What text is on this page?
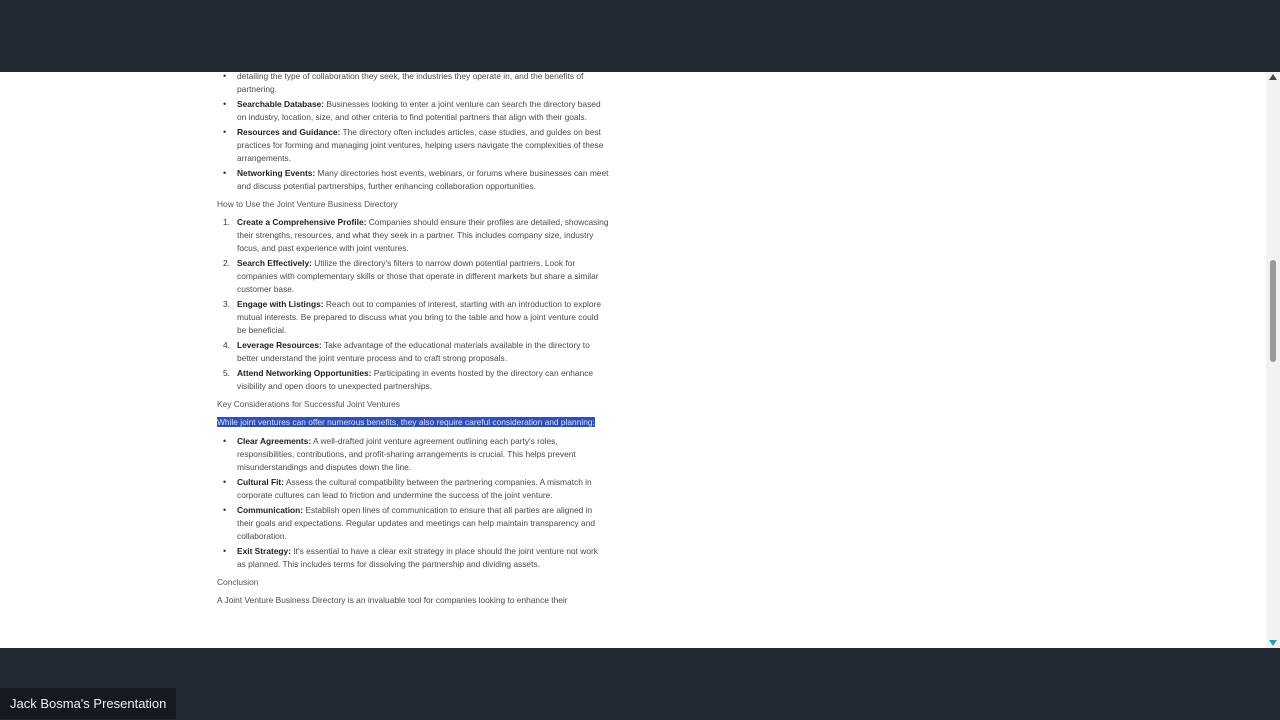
• detailing the type of collaboration they seek, the industries they operate in, and the benefits of partnering.
• Searchable Database: Businesses looking to enter a joint venture can search the directory based on industry, location, size, and other criteria to find potential partners that align with their goals.
• Resources and Guidance: The directory often includes articles, case studies, and guides on best practices for forming and managing joint ventures, helping users navigate the complexities of these arrangements.
• Networking Events: Many directories host events, webinars, or forums where businesses can meet and discuss potential partnerships, further enhancing collaboration opportunities.
How to Use the Joint Venture Business Directory
1. Create a Comprehensive Profile: Companies should ensure their profiles are detailed, showcasing their strengths, resources, and what they seek in a partner. This includes company size, industry focus, and past experience with joint ventures.
2. Search Effectively: Utilize the directory's filters to narrow down potential partners. Look for companies with complementary skills or those that operate in different markets but share a similar customer base.
3. Engage with Listings: Reach out to companies of interest, starting with an introduction to explore mutual interests. Be prepared to discuss what you bring to the table and how a joint venture could be beneficial.
4. Leverage Resources: Take advantage of the educational materials available in the directory to better understand the joint venture process and to craft strong proposals.
5. Attend Networking Opportunities: Participating in events hosted by the directory can enhance visibility and open doors to unexpected partnerships.
Key Considerations for Successful Joint Ventures
While joint ventures can offer numerous benefits, they also require careful consideration and planning:
• Clear Agreements: A well-drafted joint venture agreement outlining each party's roles, responsibilities, contributions, and profit-sharing arrangements is crucial. This helps prevent misunderstandings and disputes down the line.
• Cultural Fit: Assess the cultural compatibility between the partnering companies. A mismatch in corporate cultures can lead to friction and undermine the success of the joint venture.
• Communication: Establish open lines of communication to ensure that all parties are aligned in their goals and expectations. Regular updates and meetings can help maintain transparency and collaboration.
• Exit Strategy: It's essential to have a clear exit strategy in place should the joint venture not work as planned. This includes terms for dissolving the partnership and dividing assets.
Conclusion
A Joint Venture Business Directory is an invaluable tool for companies looking to enhance their
Jack Bosma's Presentation
